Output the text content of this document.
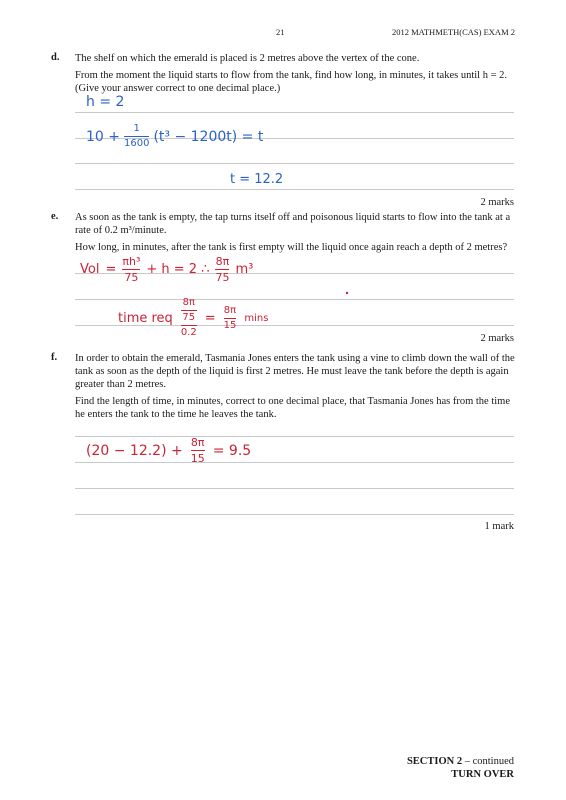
21	2012 MATHMETH(CAS) EXAM 2
d. The shelf on which the emerald is placed is 2 metres above the vertex of the cone.

From the moment the liquid starts to flow from the tank, find how long, in minutes, it takes until h = 2.

(Give your answer correct to one decimal place.)

h = 2
$10 + \frac{1}{1600} (t^3 - 1200t) = t$
t = 12.2
2 marks
e. As soon as the tank is empty, the tap turns itself off and poisonous liquid starts to flow into the tank at a rate of 0.2 m³/minute.

How long, in minutes, after the tank is first empty will the liquid once again reach a depth of 2 metres?

Vol = $\frac{\text{πh³}}{75} + h = 2$ ∴ $\frac{8\pi}{75} m^3$
time req
8π
75
0.2
= $\frac{8\pi}{15}$ mins
2 marks
f. In order to obtain the emerald, Tasmania Jones enters the tank using a vine to climb down the wall of the tank as soon as the depth of the liquid is first 2 metres. He must leave the tank before the depth is again greater than 2 metres.

Find the length of time, in minutes, correct to one decimal place, that Tasmania Jones has from the time he enters the tank to the time he leaves the tank.

$(20 - 12.2) + \frac{8\pi}{15} = 9.5$
1 mark
SECTION 2 – continued
TURN OVER
